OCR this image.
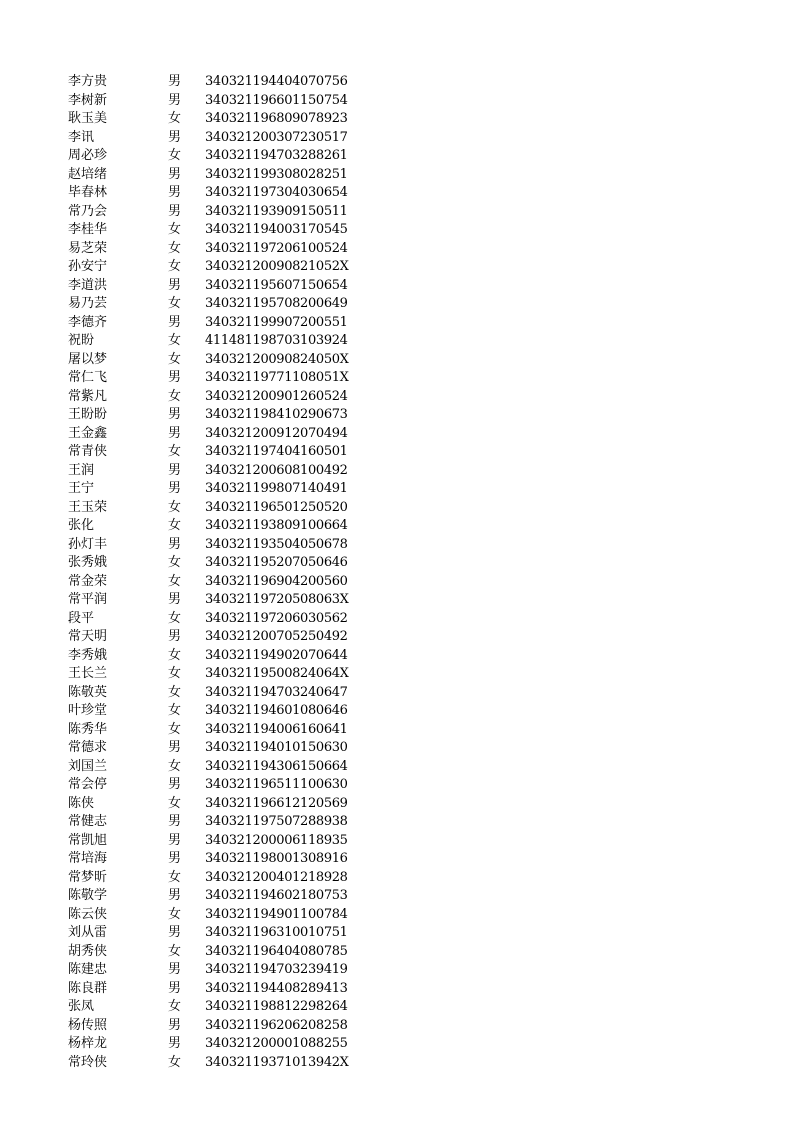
李方贵	男 340321194404070756
李树新	男 340321196601150754
耿玉美	女 340321196809078923
李讯	男 340321200307230517
周必珍	女 340321194703288261
赵培绪	男 340321199308028251
毕春林	男 340321197304030654
常乃会	男 340321193909150511
李桂华	女 340321194003170545
易芝荣	女 340321197206100524
孙安宁	女 34032120090821052X
李道洪	男 340321195607150654
易乃芸	女 340321195708200649
李德齐	男 340321199907200551
祝盼	女 411481198703103924
屠以梦	女 34032120090824050X
常仁飞	男 34032119771108051X
常紫凡	女 340321200901260524
王盼盼	男 340321198410290673
王金鑫	男 340321200912070494
常青侠	女 340321197404160501
王润	男 340321200608100492
王宁	男 340321199807140491
王玉荣	女 340321196501250520
张化	女 340321193809100664
孙灯丰	男 340321193504050678
张秀娥	女 340321195207050646
常金荣	女 340321196904200560
常平润	男 34032119720508063X
段平	女 340321197206030562
常天明	男 340321200705250492
李秀娥	女 340321194902070644
王长兰	女 34032119500824064X
陈敬英	女 340321194703240647
叶珍堂	女 340321194601080646
陈秀华	女 340321194006160641
常德求	男 340321194010150630
刘国兰	女 340321194306150664
常会停	男 340321196511100630
陈侠	女 340321196612120569
常健志	男 340321197507288938
常凯旭	男 340321200006118935
常培海	男 340321198001308916
常梦昕	女 340321200401218928
陈敬学	男 340321194602180753
陈云侠	女 340321194901100784
刘从雷	男 340321196310010751
胡秀侠	女 340321196404080785
陈建忠	男 340321194703239419
陈良群	男 340321194408289413
张凤	女 340321198812298264
杨传照	男 340321196206208258
杨梓龙	男 340321200001088255
常玲侠	女 34032119371013942X
